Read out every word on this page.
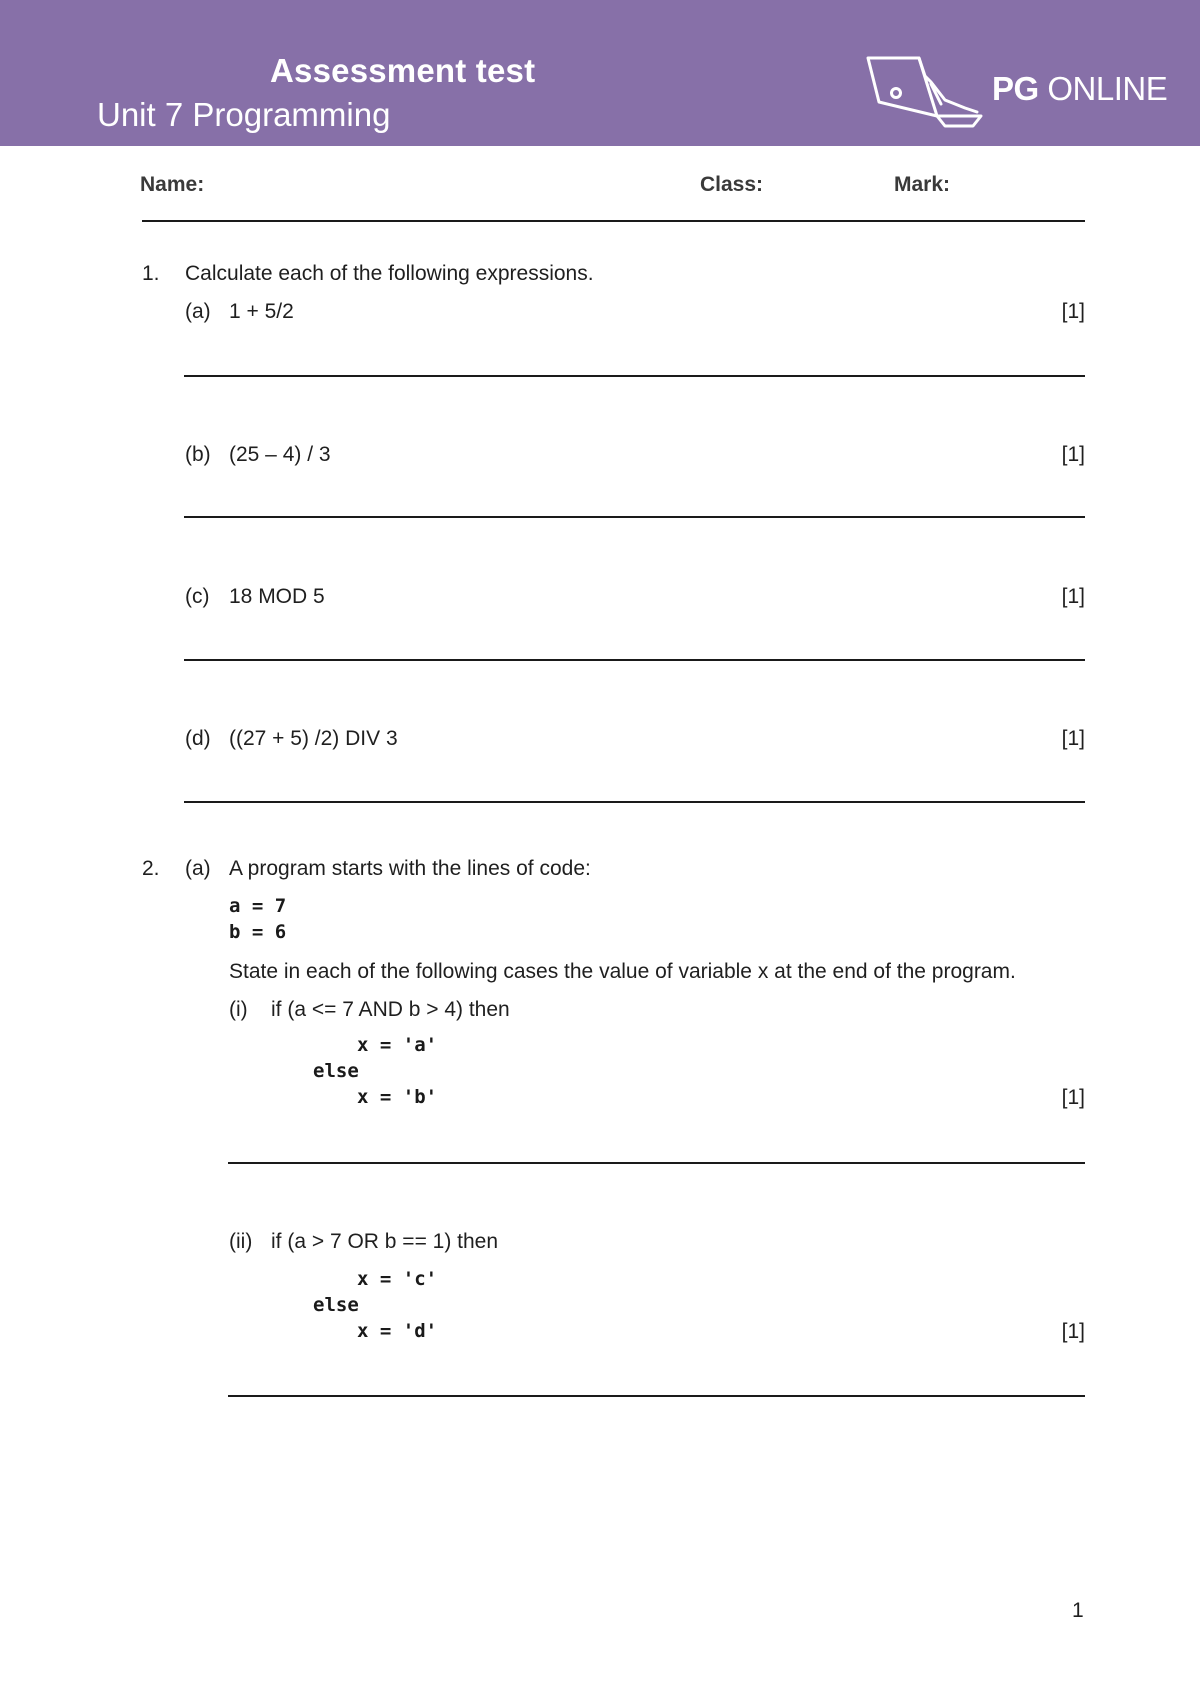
Assessment test
Unit 7 Programming
PG ONLINE
Name:	Class:	Mark:
1. Calculate each of the following expressions.
(a) 1 + 5/2	[1]
(b) (25 – 4) / 3	[1]
(c) 18 MOD 5	[1]
(d) ((27 + 5) /2) DIV 3	[1]
2. (a) A program starts with the lines of code:
a = 7
b = 6
State in each of the following cases the value of variable x at the end of the program.
(i) if (a <= 7 AND b > 4) then
x = 'a'
else
x = 'b'	[1]
(ii) if (a > 7 OR b == 1) then
x = 'c'
else
x = 'd'	[1]
1
